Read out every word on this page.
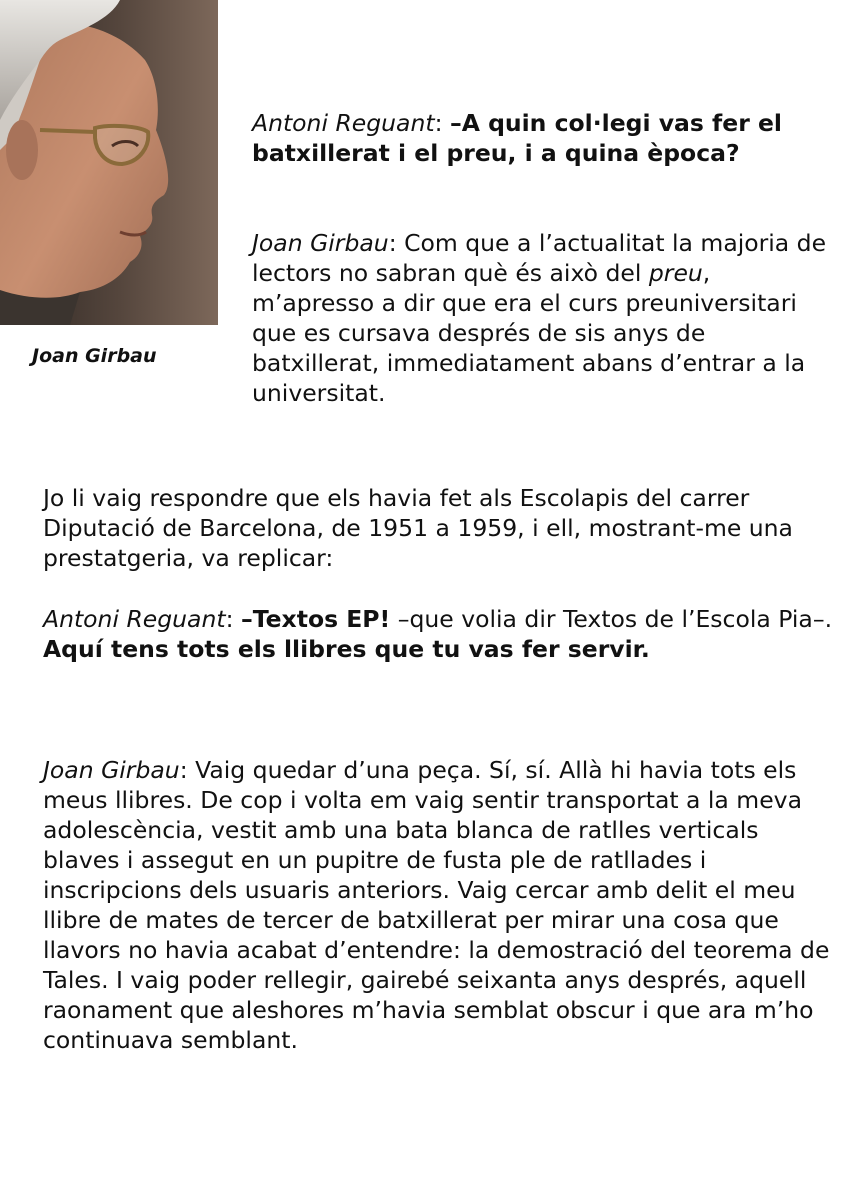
Joan Girbau

Antoni Reguant: –A quin col·legi vas fer el batxillerat i el preu, i a quina època?

Joan Girbau: Com que a l’actualitat la majoria de lectors no sabran què és això del preu, m’apresso a dir que era el curs preuniversitari que es cursava després de sis anys de batxillerat, immediatament abans d’entrar a la universitat.

Jo li vaig respondre que els havia fet als Escolapis del carrer Diputació de Barcelona, de 1951 a 1959, i ell, mostrant-me una prestatgeria, va replicar:

Antoni Reguant: –Textos EP! –que volia dir Textos de l’Escola Pia–. Aquí tens tots els llibres que tu vas fer servir.

Joan Girbau: Vaig quedar d’una peça. Sí, sí. Allà hi havia tots els meus llibres. De cop i volta em vaig sentir transportat a la meva adolescència, vestit amb una bata blanca de ratlles verticals blaves i assegut en un pupitre de fusta ple de ratllades i inscripcions dels usuaris anteriors. Vaig cercar amb delit el meu llibre de mates de tercer de batxillerat per mirar una cosa que llavors no havia acabat d’entendre: la demostració del teorema de Tales. I vaig poder rellegir, gairebé seixanta anys després, aquell raonament que aleshores m’havia semblat obscur i que ara m’ho continuava semblant.
